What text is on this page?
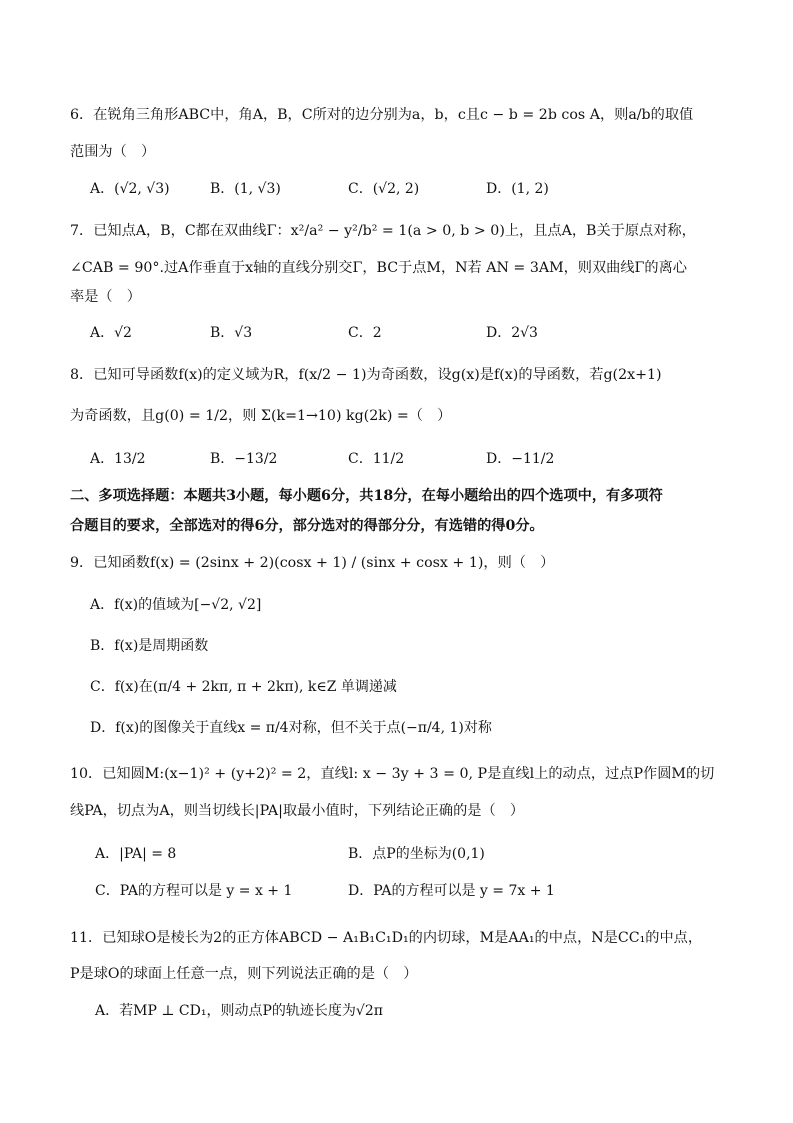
6．在锐角三角形ABC中，角A，B，C所对的边分别为a，b，c且c − b = 2b cos A，则a/b的取值
范围为（　）
A．(√2, √3)	B．(1, √3)	C．(√2, 2)	D．(1, 2)
7．已知点A，B，C都在双曲线Γ：x²/a² − y²/b² = 1(a > 0, b > 0)上，且点A，B关于原点对称，
∠CAB = 90°.过A作垂直于x轴的直线分别交Γ，BC于点M，N若 AN = 3AM，则双曲线Γ的离心
率是（　）
A．√2	B．√3	C．2	D．2√3
8．已知可导函数f(x)的定义域为R，f(x/2 − 1)为奇函数，设g(x)是f(x)的导函数，若g(2x+1)
为奇函数，且g(0) = 1/2，则 Σ(k=1→10) kg(2k) =（　）
A．13/2	B．−13/2	C．11/2	D．−11/2
二、多项选择题：本题共3小题，每小题6分，共18分，在每小题给出的四个选项中，有多项符
合题目的要求，全部选对的得6分，部分选对的得部分分，有选错的得0分。
9．已知函数f(x) = (2sinx + 2)(cosx + 1) / (sinx + cosx + 1)，则（　）
A．f(x)的值域为[−√2, √2]
B．f(x)是周期函数
C．f(x)在(π/4 + 2kπ, π + 2kπ), k∈Z 单调递减
D．f(x)的图像关于直线x = π/4对称，但不关于点(−π/4, 1)对称
10．已知圆M:(x−1)² + (y+2)² = 2，直线l: x − 3y + 3 = 0, P是直线l上的动点，过点P作圆M的切
线PA，切点为A，则当切线长|PA|取最小值时，下列结论正确的是（　）
A．|PA| = 8	B．点P的坐标为(0,1)
C．PA的方程可以是 y = x + 1	D．PA的方程可以是 y = 7x + 1
11．已知球O是棱长为2的正方体ABCD − A₁B₁C₁D₁的内切球，M是AA₁的中点，N是CC₁的中点，
P是球O的球面上任意一点，则下列说法正确的是（　）
A．若MP ⊥ CD₁，则动点P的轨迹长度为√2π
